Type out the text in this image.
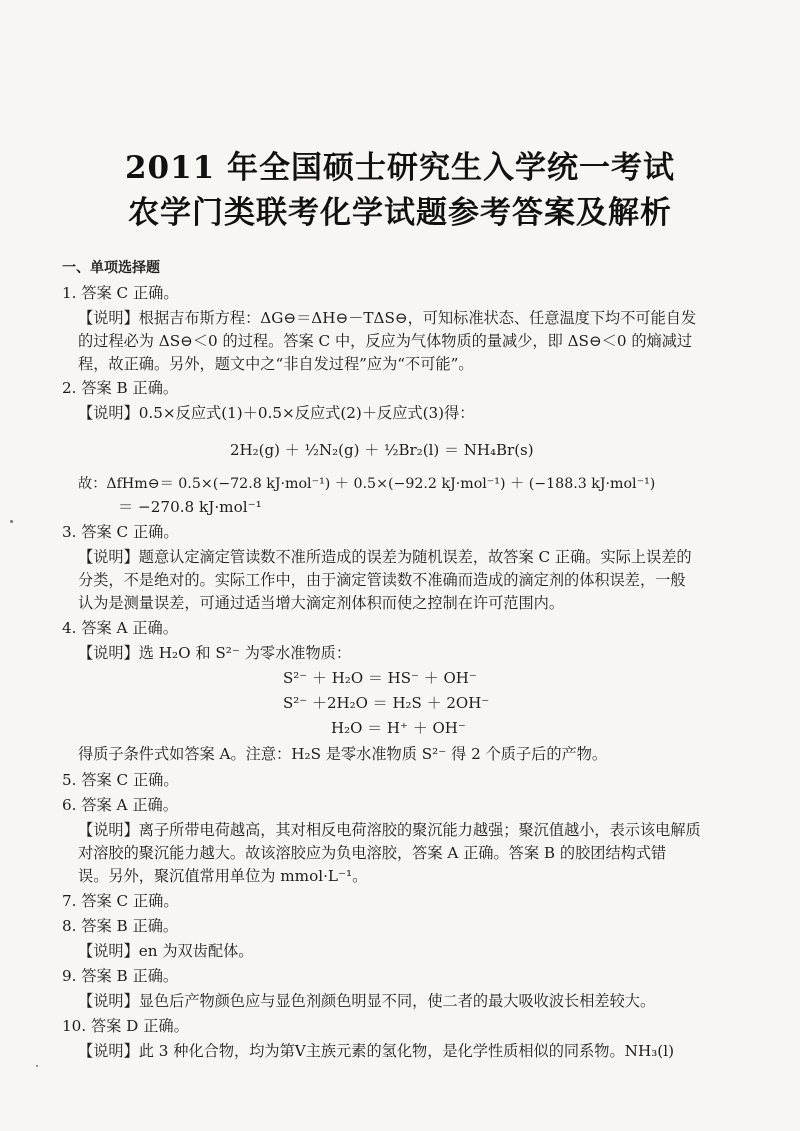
2011 年全国硕士研究生入学统一考试
农学门类联考化学试题参考答案及解析
一、单项选择题
1. 答案 C 正确。
【说明】根据吉布斯方程：ΔG⊖＝ΔH⊖－TΔS⊖，可知标准状态、任意温度下均不可能自发
的过程必为 ΔS⊖＜0 的过程。答案 C 中，反应为气体物质的量减少，即 ΔS⊖＜0 的熵减过
程，故正确。另外，题文中之“非自发过程”应为“不可能”。
2. 答案 B 正确。
【说明】0.5×反应式(1)＋0.5×反应式(2)＋反应式(3)得：
2H₂(g) ＋ ½N₂(g) ＋ ½Br₂(l) ＝ NH₄Br(s)
故：ΔfHm⊖＝ 0.5×(−72.8 kJ·mol⁻¹) ＋ 0.5×(−92.2 kJ·mol⁻¹) ＋ (−188.3 kJ·mol⁻¹)
＝ −270.8 kJ·mol⁻¹
3. 答案 C 正确。
【说明】题意认定滴定管读数不准所造成的误差为随机误差，故答案 C 正确。实际上误差的
分类，不是绝对的。实际工作中，由于滴定管读数不准确而造成的滴定剂的体积误差，一般
认为是测量误差，可通过适当增大滴定剂体积而使之控制在许可范围内。
4. 答案 A 正确。
【说明】选 H₂O 和 S²⁻ 为零水准物质：
S²⁻ ＋ H₂O ＝ HS⁻ ＋ OH⁻
S²⁻ ＋2H₂O ＝ H₂S ＋ 2OH⁻
H₂O ＝ H⁺ ＋ OH⁻
得质子条件式如答案 A。注意：H₂S 是零水准物质 S²⁻ 得 2 个质子后的产物。
5. 答案 C 正确。
6. 答案 A 正确。
【说明】离子所带电荷越高，其对相反电荷溶胶的聚沉能力越强；聚沉值越小，表示该电解质
对溶胶的聚沉能力越大。故该溶胶应为负电溶胶，答案 A 正确。答案 B 的胶团结构式错
误。另外，聚沉值常用单位为 mmol·L⁻¹。
7. 答案 C 正确。
8. 答案 B 正确。
【说明】en 为双齿配体。
9. 答案 B 正确。
【说明】显色后产物颜色应与显色剂颜色明显不同，使二者的最大吸收波长相差较大。
10. 答案 D 正确。
【说明】此 3 种化合物，均为第Ⅴ主族元素的氢化物，是化学性质相似的同系物。NH₃(l)
